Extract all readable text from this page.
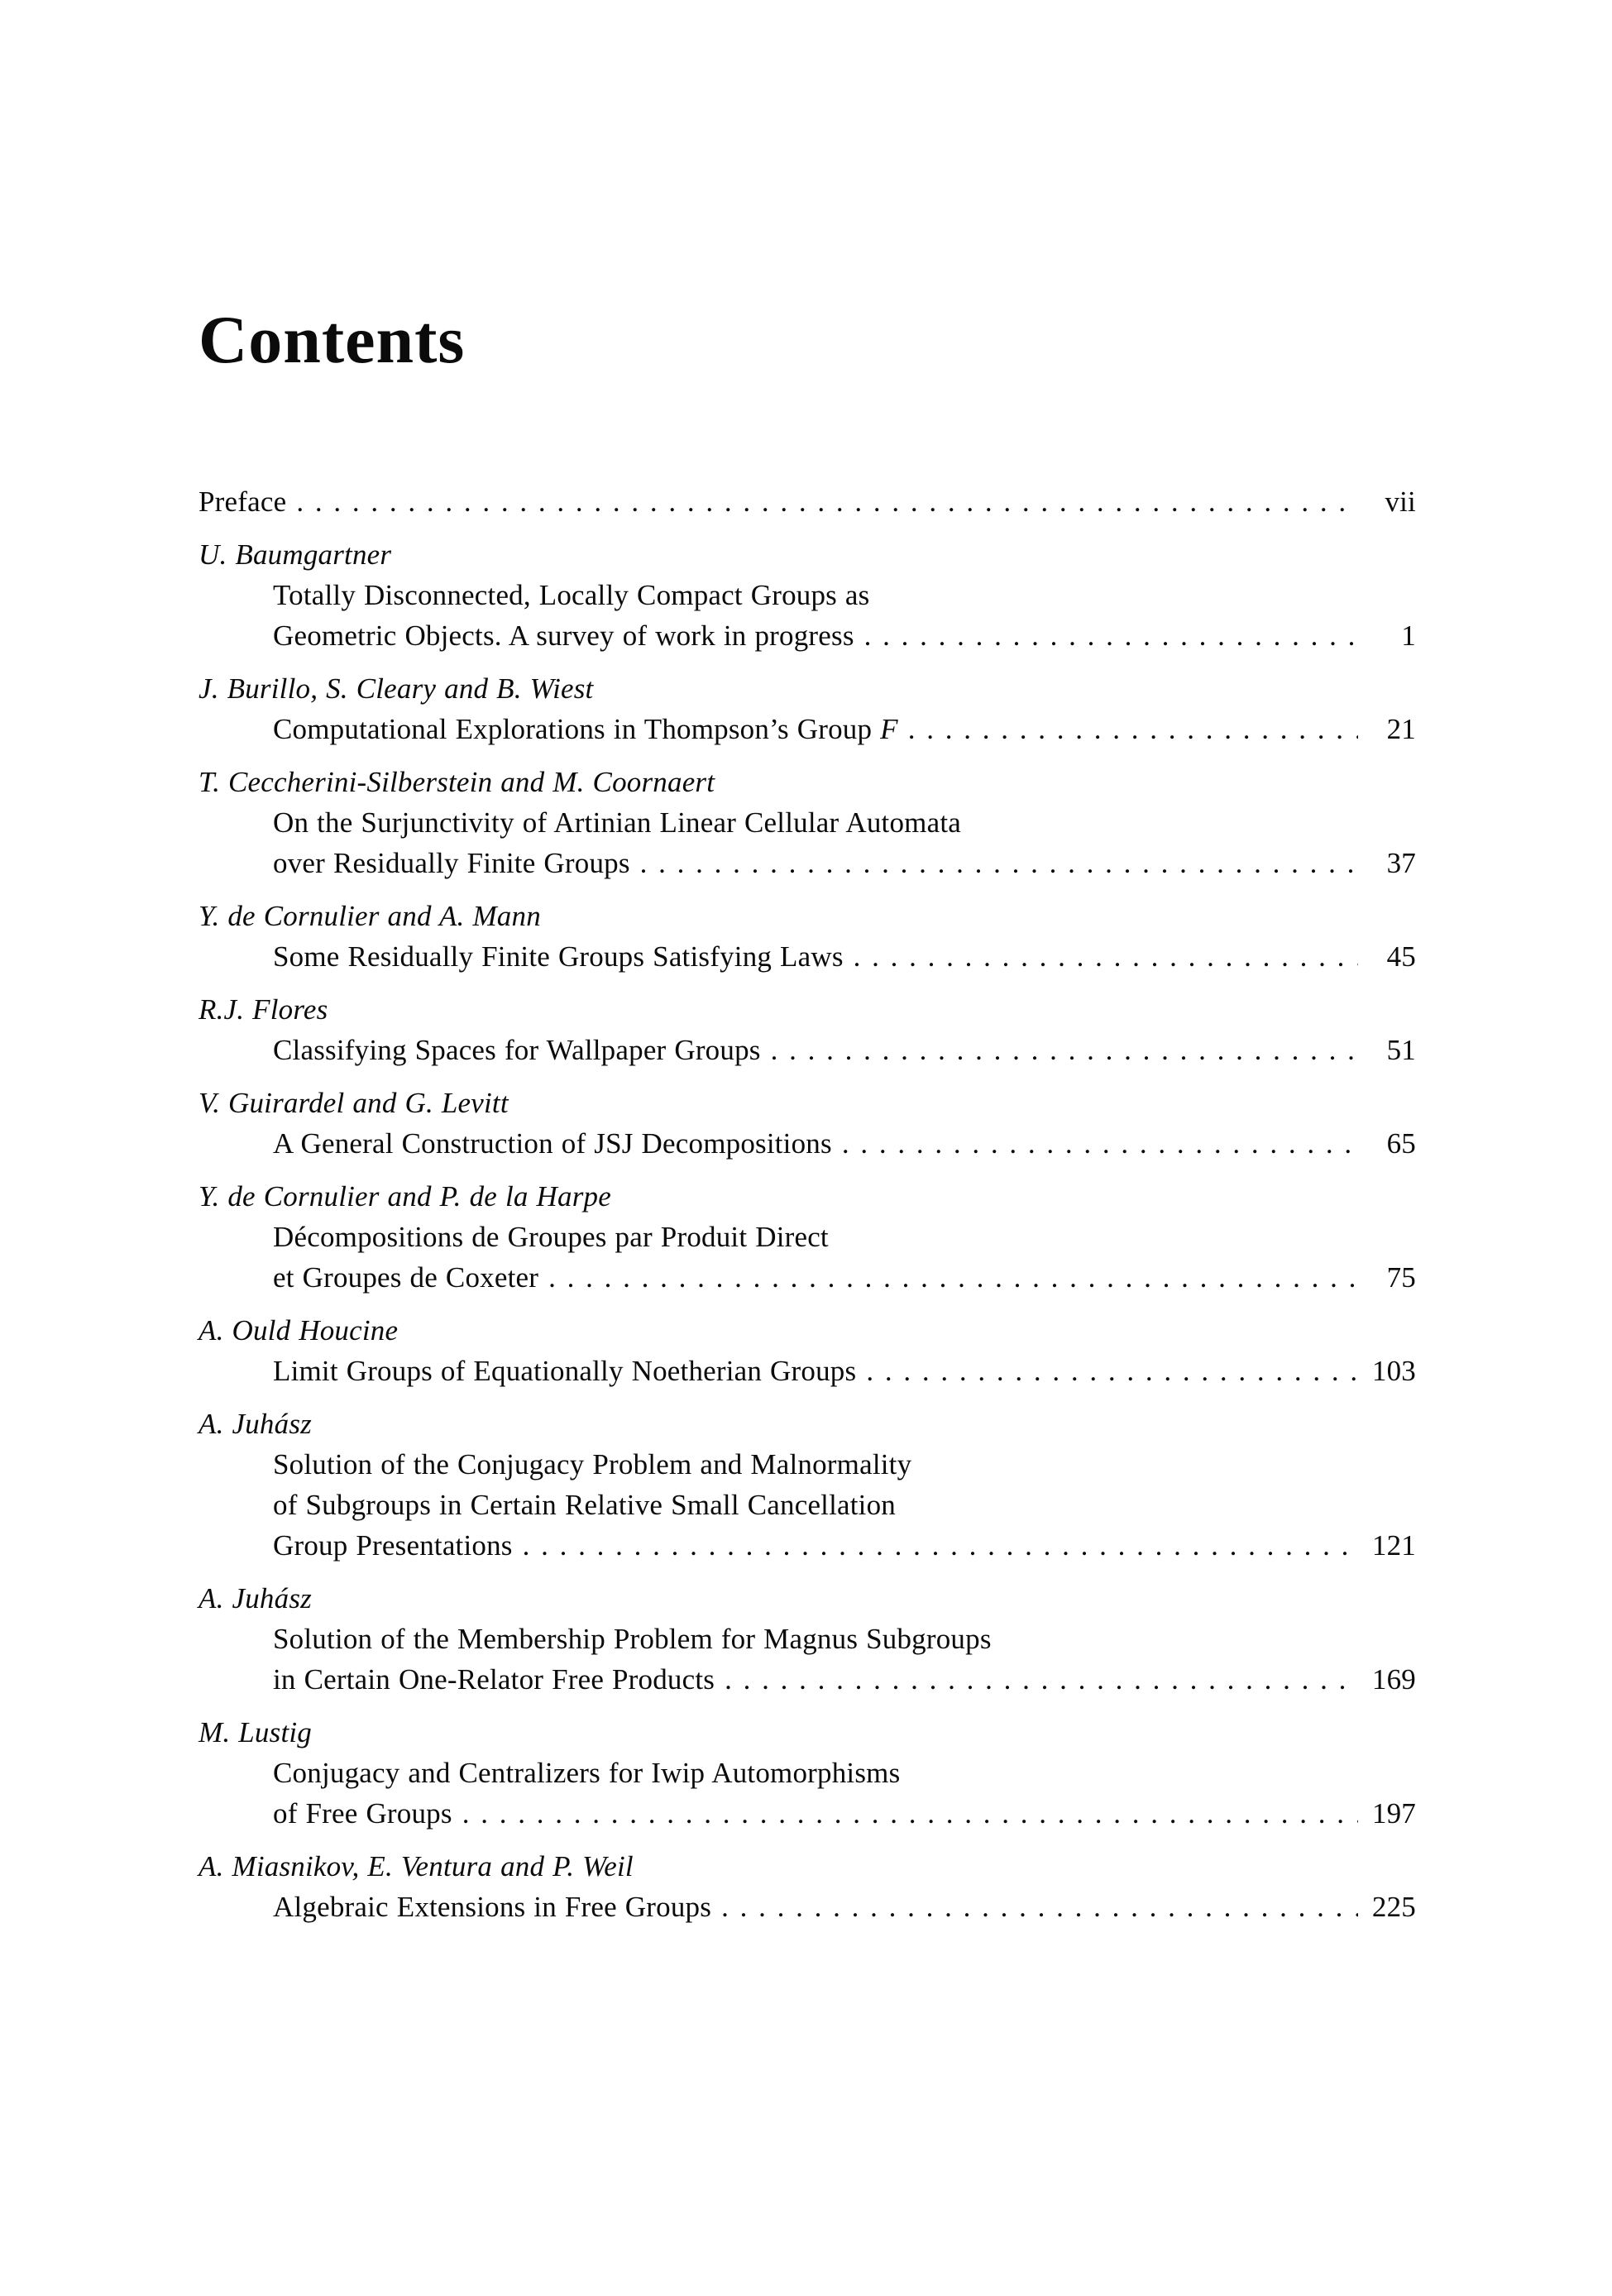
Contents
Preface . . .	vii
U. Baumgartner
Totally Disconnected, Locally Compact Groups as
Geometric Objects. A survey of work in progress . . .	1
J. Burillo, S. Cleary and B. Wiest
Computational Explorations in Thompson’s Group F . . .	21
T. Ceccherini-Silberstein and M. Coornaert
On the Surjunctivity of Artinian Linear Cellular Automata
over Residually Finite Groups . . .	37
Y. de Cornulier and A. Mann
Some Residually Finite Groups Satisfying Laws . . .	45
R.J. Flores
Classifying Spaces for Wallpaper Groups . . .	51
V. Guirardel and G. Levitt
A General Construction of JSJ Decompositions . . .	65
Y. de Cornulier and P. de la Harpe
Décompositions de Groupes par Produit Direct
et Groupes de Coxeter . . .	75
A. Ould Houcine
Limit Groups of Equationally Noetherian Groups . . .	103
A. Juhász
Solution of the Conjugacy Problem and Malnormality
of Subgroups in Certain Relative Small Cancellation
Group Presentations . . .	121
A. Juhász
Solution of the Membership Problem for Magnus Subgroups
in Certain One-Relator Free Products . . .	169
M. Lustig
Conjugacy and Centralizers for Iwip Automorphisms
of Free Groups . . .	197
A. Miasnikov, E. Ventura and P. Weil
Algebraic Extensions in Free Groups . . .	225
